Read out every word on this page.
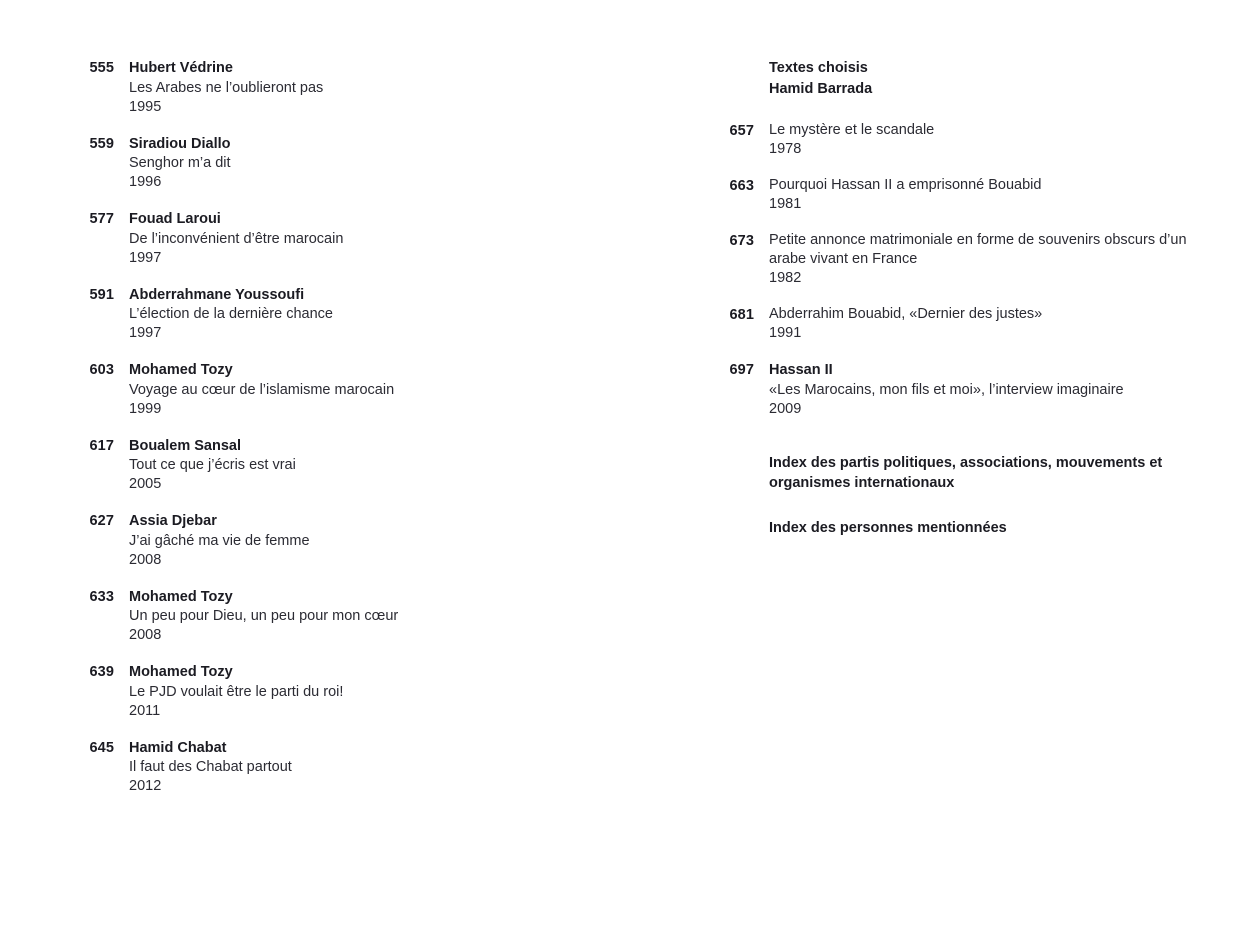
555 Hubert Védrine
Les Arabes ne l’oublieront pas
1995
559 Siradiou Diallo
Senghor m’a dit
1996
577 Fouad Laroui
De l’inconvénient d’être marocain
1997
591 Abderrahmane Youssoufi
L’élection de la dernière chance
1997
603 Mohamed Tozy
Voyage au cœur de l’islamisme marocain
1999
617 Boualem Sansal
Tout ce que j’écris est vrai
2005
627 Assia Djebar
J’ai gâché ma vie de femme
2008
633 Mohamed Tozy
Un peu pour Dieu, un peu pour mon cœur
2008
639 Mohamed Tozy
Le PJD voulait être le parti du roi!
2011
645 Hamid Chabat
Il faut des Chabat partout
2012
Textes choisis
Hamid Barrada
657 Le mystère et le scandale
1978
663 Pourquoi Hassan II a emprisonné Bouabid
1981
673 Petite annonce matrimoniale en forme de souvenirs obscurs d’un arabe vivant en France
1982
681 Abderrahim Bouabid, «Dernier des justes»
1991
697 Hassan II
«Les Marocains, mon fils et moi», l’interview imaginaire
2009
Index des partis politiques, associations, mouvements et organismes internationaux
Index des personnes mentionnées
